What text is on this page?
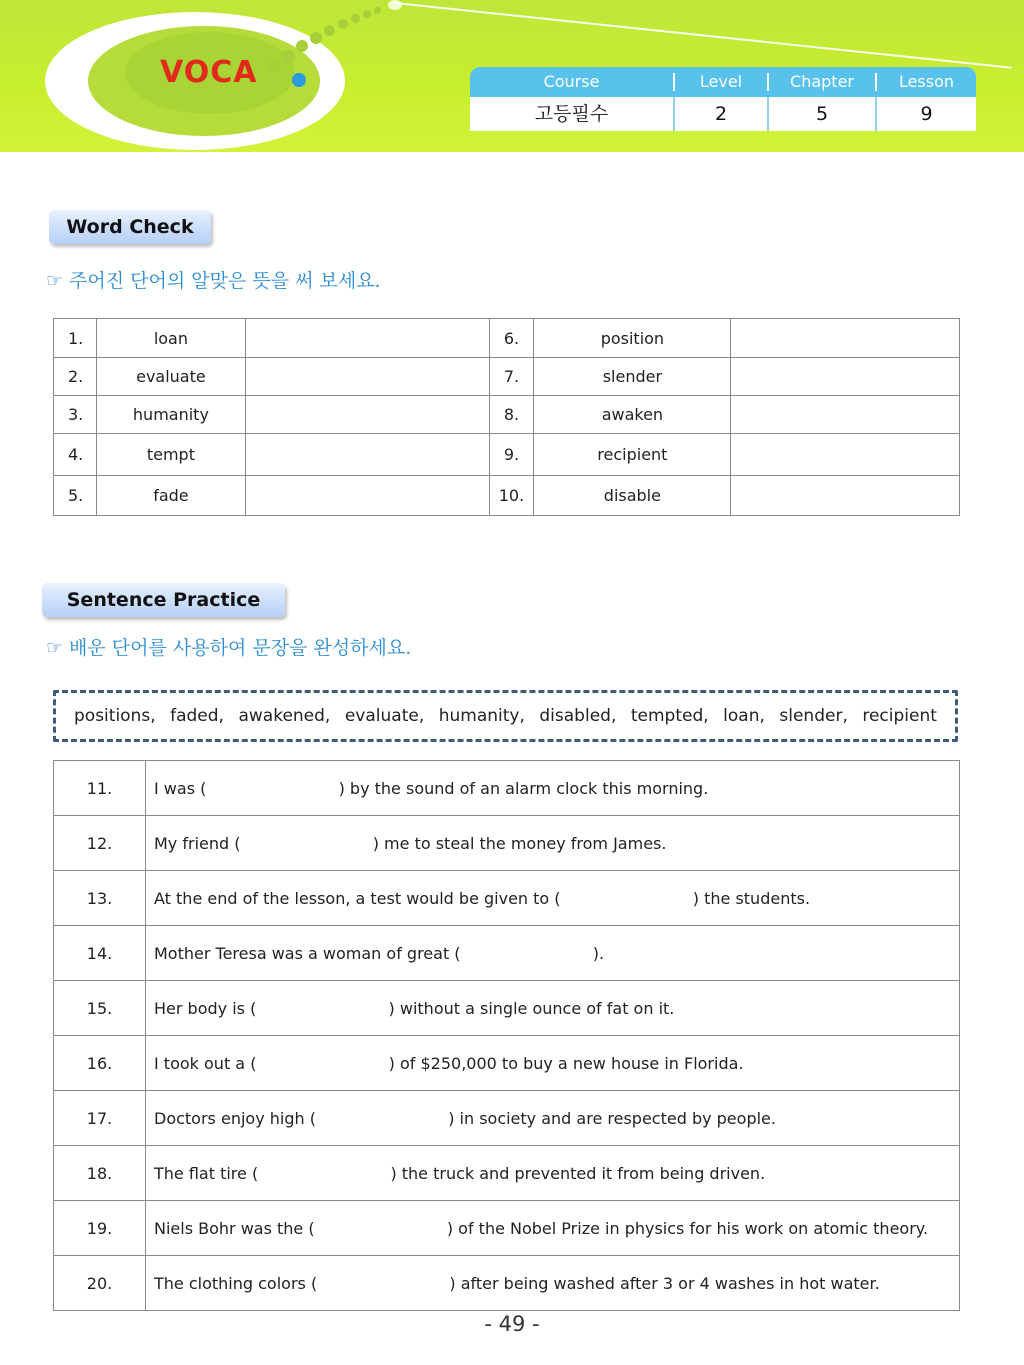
VOCA	Course	Level	Chapter	Lesson
고등필수	2	5	9
Word Check
☞ 주어진 단어의 알맞은 뜻을 써 보세요.
1.	loan		6.	position	
2.	evaluate		7.	slender	
3.	humanity		8.	awaken	
4.	tempt		9.	recipient	
5.	fade		10.	disable	
Sentence Practice
☞ 배운 단어를 사용하여 문장을 완성하세요.
positions, faded, awakened, evaluate, humanity, disabled, tempted, loan, slender, recipient
11.	I was (                          ) by the sound of an alarm clock this morning.
12.	My friend (                          ) me to steal the money from James.
13.	At the end of the lesson, a test would be given to (                          ) the students.
14.	Mother Teresa was a woman of great (                          ).
15.	Her body is (                          ) without a single ounce of fat on it.
16.	I took out a (                          ) of $250,000 to buy a new house in Florida.
17.	Doctors enjoy high (                          ) in society and are respected by people.
18.	The flat tire (                          ) the truck and prevented it from being driven.
19.	Niels Bohr was the (                          ) of the Nobel Prize in physics for his work on atomic theory.
20.	The clothing colors (                          ) after being washed after 3 or 4 washes in hot water.
- 49 -
